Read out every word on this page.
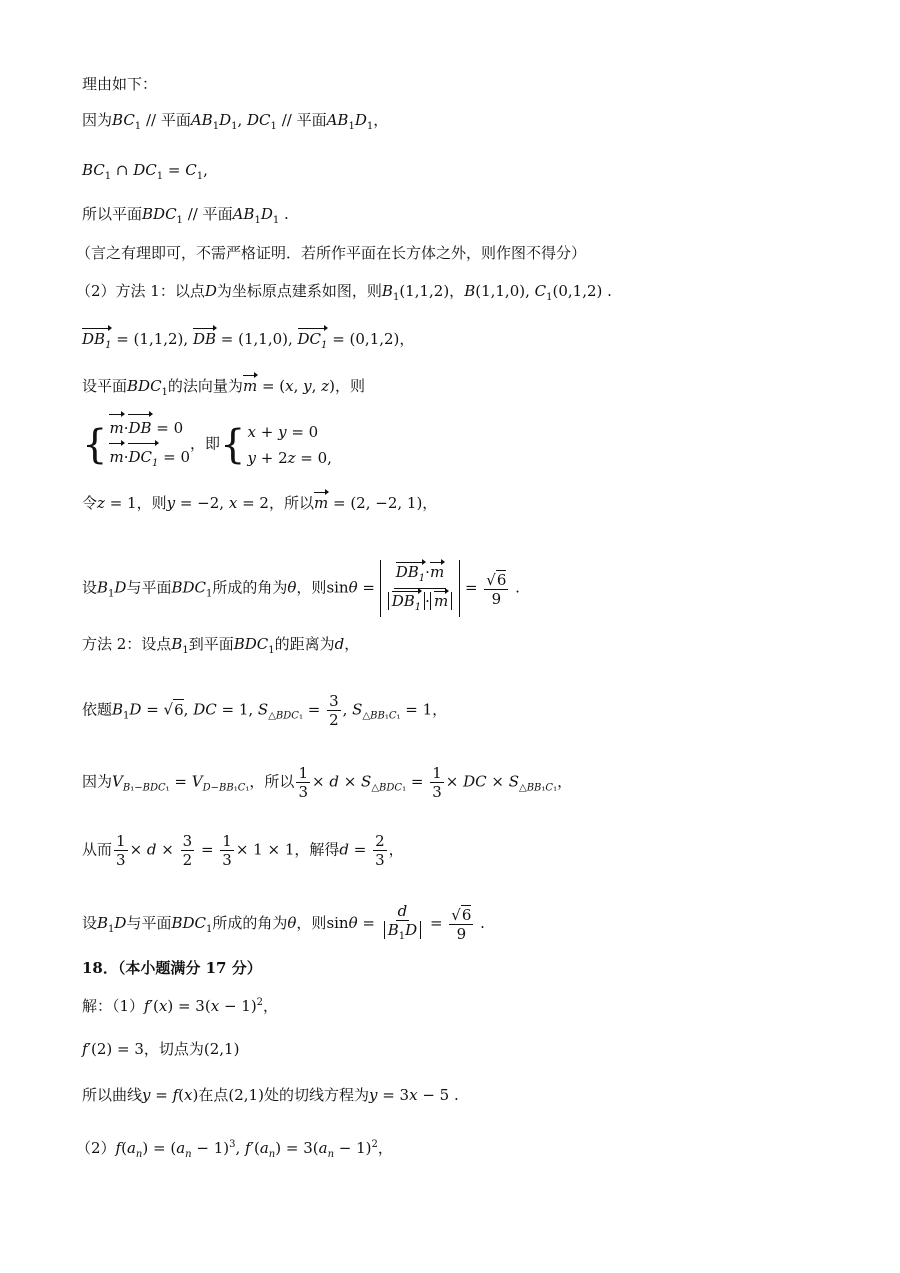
理由如下：
因为$BC_1$ // 平面$AB_1D_1$, $DC_1$ // 平面$AB_1D_1$，
$BC_1$ ∩ $DC_1 = C_1$,
所以平面$BDC_1$ // 平面$AB_1D_1$ .
（言之有理即可，不需严格证明．若所作平面在长方体之外，则作图不得分）
（2）方法 1：以点D为坐标原点建系如图，则$B_1(1,1,2)$，B(1,1,0), $C_1(0,1,2)$ .
$DB_1 = (1,1,2)$, DB = (1,1,0), $DC_1 = (0,1,2)$，
设平面$BDC_1$的法向量为m = (x, y, z)，则
{ m·DB = 0
$m\cdot DC_1 = 0$，即{ x + y = 0
y + 2z = 0,
令z = 1，则y = −2, x = 2，所以m = (2, −2, 1)，
设$B_1D$与平面$BDC_1$所成的角为θ，则$\sin\theta = \frac{DB_1\cdot m}{DB_1 \cdot m} = \frac{√6}{9}$ .
方法 2：设点$B_1$到平面$BDC_1$的距离为d，
依题$B_1D = √6$, DC = 1, $S_{\triangle BDC_1} = \frac{3}{2}$ , $S_{\triangle BB_1C_1} = 1$，
因为$V_{B_1-BDC_1} = V_{D-BB_1C_1}$，所以 $\frac{1}{3} \times d \times S_{\triangle BDC_1} = \frac{1}{3}$ × DC × $S_{\triangle BB_1C_1}$，
从而 $\frac{1}{3} \times d \times \frac{3}{2} = \frac{1}{3} \times 1 \times 1$，解得$d = \frac{2}{3}$ ，
设$B_1D$与平面$BDC_1$所成的角为θ，则$\sin\theta = \frac{d}{B_1D} = \frac{√6}{9}$ .
18．（本小题满分 17 分）
解：$(1)f'(x) = 3(x - 1)^2$，
f′(2) = 3，切点为(2,1)
所以曲线y = f(x)在点(2,1)处的切线方程为y = 3x − 5 .
$(2)f(a_n) = (a_n - 1)^3$, $f'(a_n) = 3(a_n - 1)^2$，
